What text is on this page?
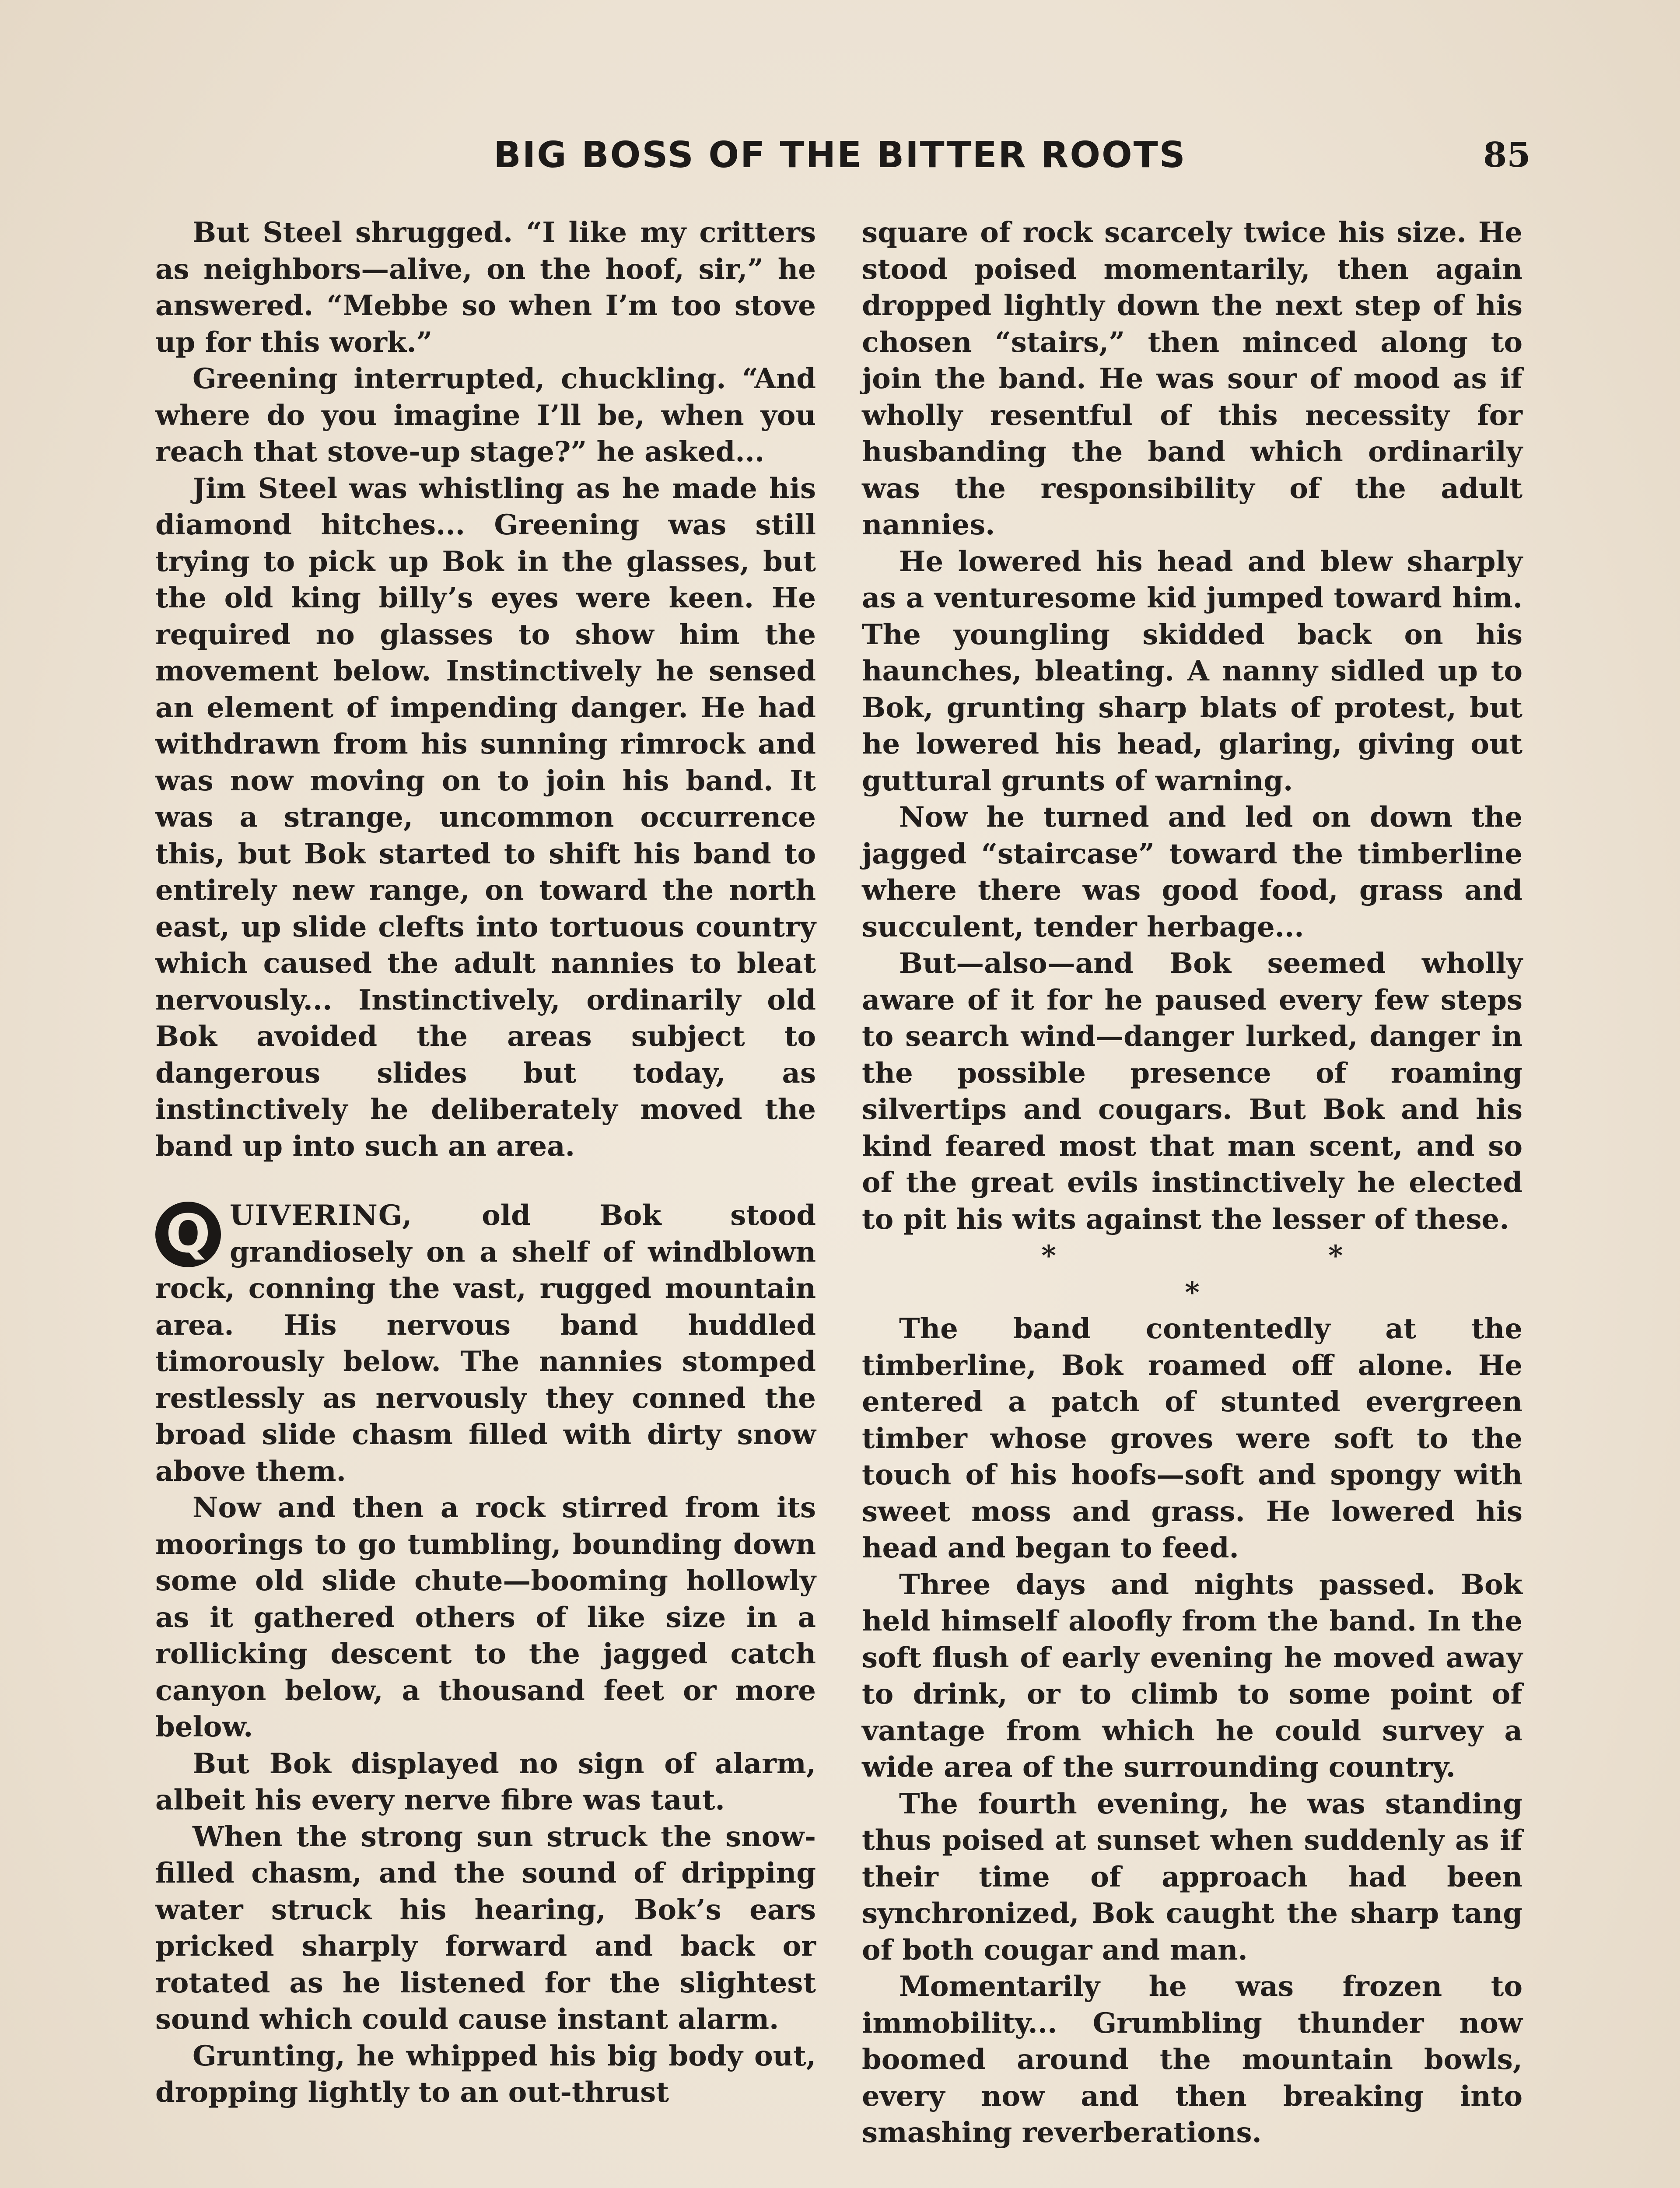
BIG BOSS OF THE BITTER ROOTS	85

But Steel shrugged. “I like my critters as neighbors—alive, on the hoof, sir,” he answered. “Mebbe so when I’m too stove up for this work.”

Greening interrupted, chuckling. “And where do you imagine I’ll be, when you reach that stove-up stage?” he asked...

Jim Steel was whistling as he made his diamond hitches... Greening was still trying to pick up Bok in the glasses, but the old king billy’s eyes were keen. He required no glasses to show him the movement below. Instinctively he sensed an element of impending danger. He had withdrawn from his sunning rimrock and was now moving on to join his band. It was a strange, uncommon occurrence this, but Bok started to shift his band to entirely new range, on toward the north east, up slide clefts into tortuous country which caused the adult nannies to bleat nervously... Instinctively, ordinarily old Bok avoided the areas subject to dangerous slides but today, as instinctively he deliberately moved the band up into such an area.

Q UIVERING, old Bok stood grandiosely on a shelf of windblown rock, conning the vast, rugged mountain area. His nervous band huddled timorously below. The nannies stomped restlessly as nervously they conned the broad slide chasm filled with dirty snow above them.

Now and then a rock stirred from its moorings to go tumbling, bounding down some old slide chute—booming hollowly as it gathered others of like size in a rollicking descent to the jagged catch canyon below, a thousand feet or more below.

But Bok displayed no sign of alarm, albeit his every nerve fibre was taut.

When the strong sun struck the snow-filled chasm, and the sound of dripping water struck his hearing, Bok’s ears pricked sharply forward and back or rotated as he listened for the slightest sound which could cause instant alarm.

Grunting, he whipped his big body out, dropping lightly to an out-thrust

square of rock scarcely twice his size. He stood poised momentarily, then again dropped lightly down the next step of his chosen “stairs,” then minced along to join the band. He was sour of mood as if wholly resentful of this necessity for husbanding the band which ordinarily was the responsibility of the adult nannies.

He lowered his head and blew sharply as a venturesome kid jumped toward him. The youngling skidded back on his haunches, bleating. A nanny sidled up to Bok, grunting sharp blats of protest, but he lowered his head, glaring, giving out guttural grunts of warning.

Now he turned and led on down the jagged “staircase” toward the timberline where there was good food, grass and succulent, tender herbage...

But—also—and Bok seemed wholly aware of it for he paused every few steps to search wind—danger lurked, danger in the possible presence of roaming silvertips and cougars. But Bok and his kind feared most that man scent, and so of the great evils instinctively he elected to pit his wits against the lesser of these.

* * *

The band contentedly at the timberline, Bok roamed off alone. He entered a patch of stunted evergreen timber whose groves were soft to the touch of his hoofs—soft and spongy with sweet moss and grass. He lowered his head and began to feed.

Three days and nights passed. Bok held himself aloofly from the band. In the soft flush of early evening he moved away to drink, or to climb to some point of vantage from which he could survey a wide area of the surrounding country.

The fourth evening, he was standing thus poised at sunset when suddenly as if their time of approach had been synchronized, Bok caught the sharp tang of both cougar and man.

Momentarily he was frozen to immobility... Grumbling thunder now boomed around the mountain bowls, every now and then breaking into smashing reverberations.
